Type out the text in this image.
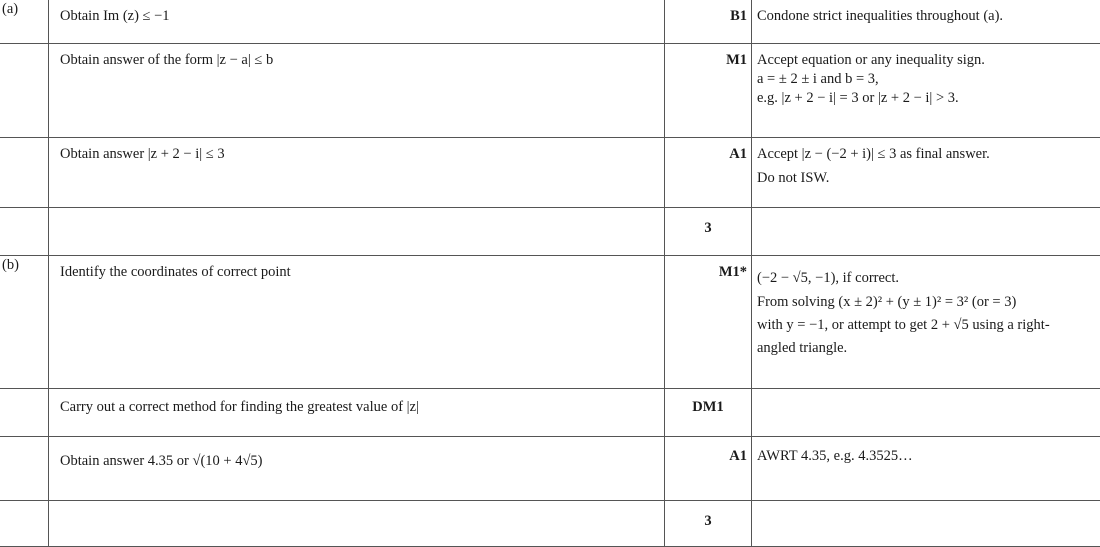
(a)	Obtain Im (z) ≤ −1	B1	Condone strict inequalities throughout (a).

	Obtain answer of the form |z − a| ≤ b	M1	Accept equation or any inequality sign.
a = ± 2 ± i and b = 3,
e.g. |z + 2 − i| = 3 or |z + 2 − i| > 3.

	Obtain answer |z + 2 − i| ≤ 3	A1	Accept |z − (−2 + i)| ≤ 3 as final answer.
Do not ISW.

		3	
(b)	Identify the coordinates of correct point	M1*	(−2 − √5, −1), if correct.
From solving (x ± 2)² + (y ± 1)² = 3² (or = 3)
with y = −1, or attempt to get 2 + √5 using a right-
angled triangle.

	Carry out a correct method for finding the greatest value of |z|	DM1	
	Obtain answer 4.35 or √(10 + 4√5)	A1	AWRT 4.35, e.g. 4.3525…

		3	
